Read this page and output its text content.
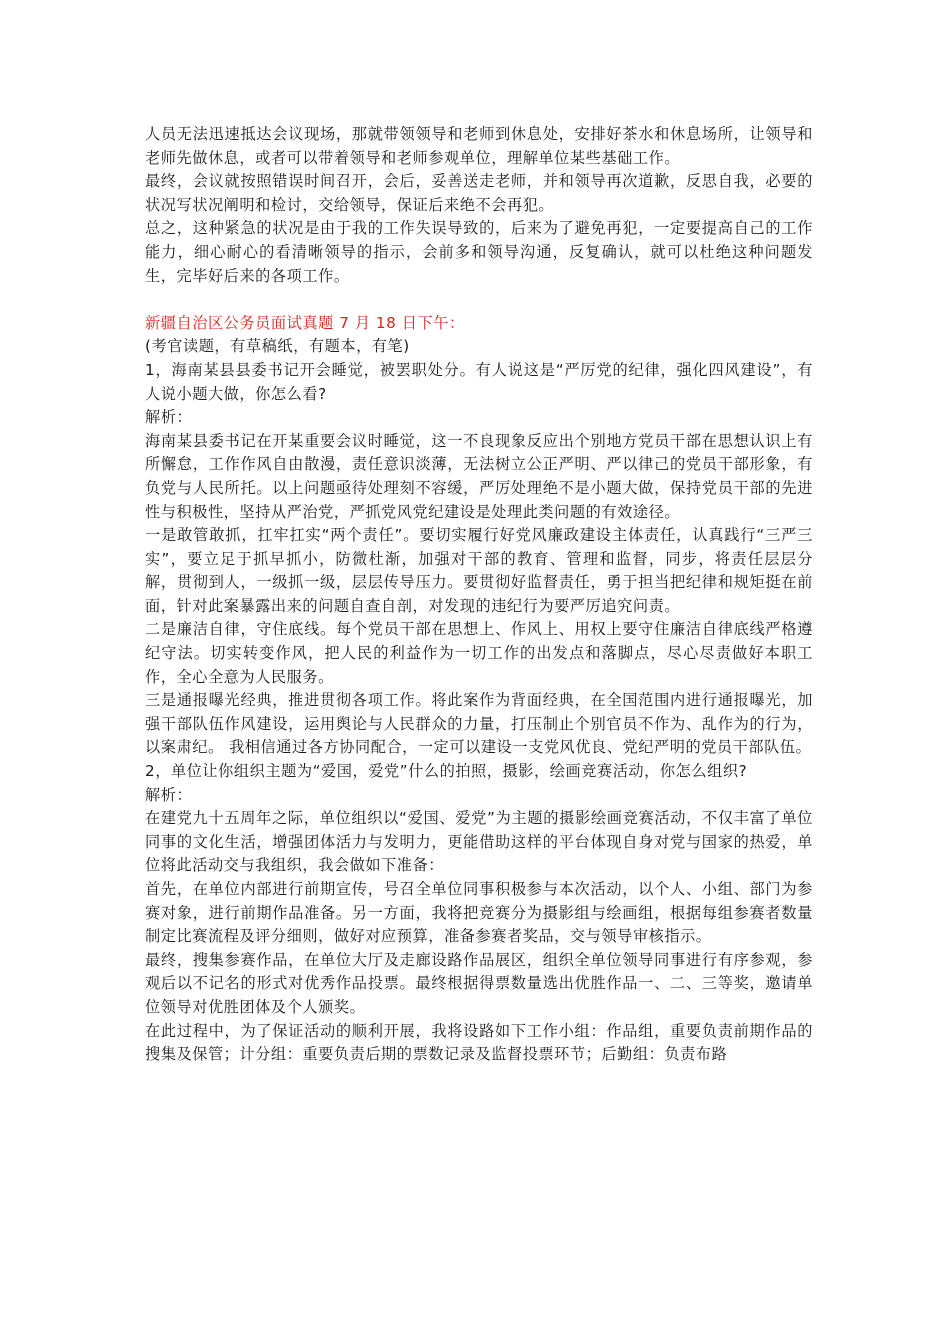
人员无法迅速抵达会议现场，那就带领领导和老师到休息处，安排好茶水和休息场所，让领导和老师先做休息，或者可以带着领导和老师参观单位，理解单位某些基础工作。

最终，会议就按照错误时间召开，会后，妥善送走老师，并和领导再次道歉，反思自我，必要的状况写状况阐明和检讨，交给领导，保证后来绝不会再犯。

总之，这种紧急的状况是由于我的工作失误导致的，后来为了避免再犯，一定要提高自己的工作能力，细心耐心的看清晰领导的指示，会前多和领导沟通，反复确认，就可以杜绝这种问题发生，完毕好后来的各项工作。

新疆自治区公务员面试真题 7 月 18 日下午：

(考官读题，有草稿纸，有题本，有笔)

1，海南某县县委书记开会睡觉，被罢职处分。有人说这是“严厉党的纪律，强化四风建设”，有人说小题大做，你怎么看?

解析：

海南某县委书记在开某重要会议时睡觉，这一不良现象反应出个别地方党员干部在思想认识上有所懈怠，工作作风自由散漫，责任意识淡薄，无法树立公正严明、严以律己的党员干部形象，有负党与人民所托。以上问题亟待处理刻不容缓，严厉处理绝不是小题大做，保持党员干部的先进性与积极性，坚持从严治党，严抓党风党纪建设是处理此类问题的有效途径。

一是敢管敢抓，扛牢扛实“两个责任”。要切实履行好党风廉政建设主体责任，认真践行“三严三实”，要立足于抓早抓小，防微杜渐，加强对干部的教育、管理和监督，同步，将责任层层分解，贯彻到人，一级抓一级，层层传导压力。要贯彻好监督责任，勇于担当把纪律和规矩挺在前面，针对此案暴露出来的问题自查自剖，对发现的违纪行为要严厉追究问责。

二是廉洁自律，守住底线。每个党员干部在思想上、作风上、用权上要守住廉洁自律底线严格遵纪守法。切实转变作风，把人民的利益作为一切工作的出发点和落脚点，尽心尽责做好本职工作，全心全意为人民服务。

三是通报曝光经典，推进贯彻各项工作。将此案作为背面经典，在全国范围内进行通报曝光，加强干部队伍作风建设，运用舆论与人民群众的力量，打压制止个别官员不作为、乱作为的行为，以案肃纪。 我相信通过各方协同配合，一定可以建设一支党风优良、党纪严明的党员干部队伍。

2，单位让你组织主题为“爱国，爱党”什么的拍照，摄影，绘画竞赛活动，你怎么组织?

解析：

在建党九十五周年之际，单位组织以“爱国、爱党”为主题的摄影绘画竞赛活动，不仅丰富了单位同事的文化生活，增强团体活力与发明力，更能借助这样的平台体现自身对党与国家的热爱，单位将此活动交与我组织，我会做如下准备：

首先，在单位内部进行前期宣传，号召全单位同事积极参与本次活动，以个人、小组、部门为参赛对象，进行前期作品准备。另一方面，我将把竞赛分为摄影组与绘画组，根据每组参赛者数量制定比赛流程及评分细则，做好对应预算，准备参赛者奖品，交与领导审核指示。

最终，搜集参赛作品，在单位大厅及走廊设路作品展区，组织全单位领导同事进行有序参观，参观后以不记名的形式对优秀作品投票。最终根据得票数量选出优胜作品一、二、三等奖，邀请单位领导对优胜团体及个人颁奖。

在此过程中，为了保证活动的顺利开展，我将设路如下工作小组：作品组，重要负责前期作品的搜集及保管；计分组：重要负责后期的票数记录及监督投票环节；后勤组：负责布路
